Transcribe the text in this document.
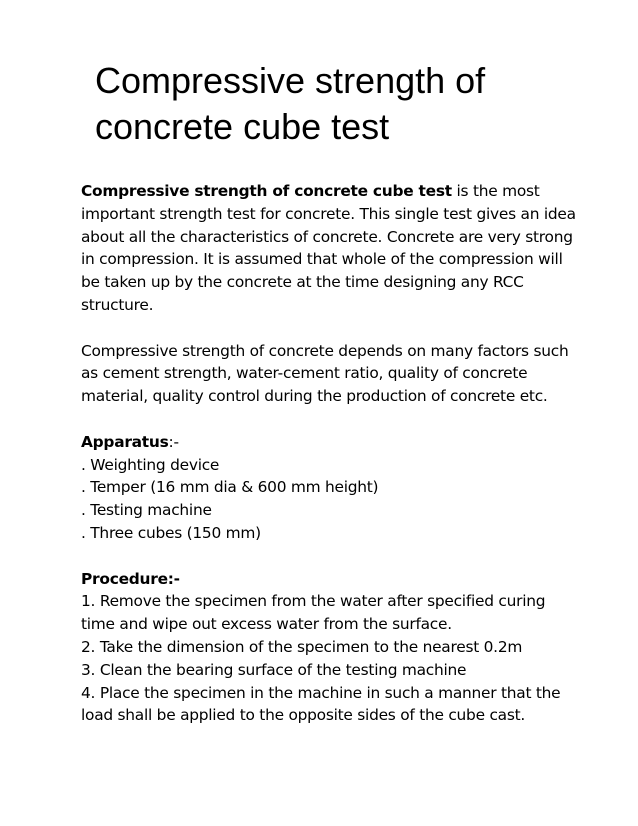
Compressive strength of
concrete cube test

Compressive strength of concrete cube test is the most
important strength test for concrete. This single test gives an idea
about all the characteristics of concrete. Concrete are very strong
in compression. It is assumed that whole of the compression will
be taken up by the concrete at the time designing any RCC
structure.

Compressive strength of concrete depends on many factors such
as cement strength, water-cement ratio, quality of concrete
material, quality control during the production of concrete etc.

Apparatus:-
. Weighting device
. Temper (16 mm dia & 600 mm height)
. Testing machine
. Three cubes (150 mm)

Procedure:-
1. Remove the specimen from the water after specified curing
time and wipe out excess water from the surface.
2. Take the dimension of the specimen to the nearest 0.2m
3. Clean the bearing surface of the testing machine
4. Place the specimen in the machine in such a manner that the
load shall be applied to the opposite sides of the cube cast.
